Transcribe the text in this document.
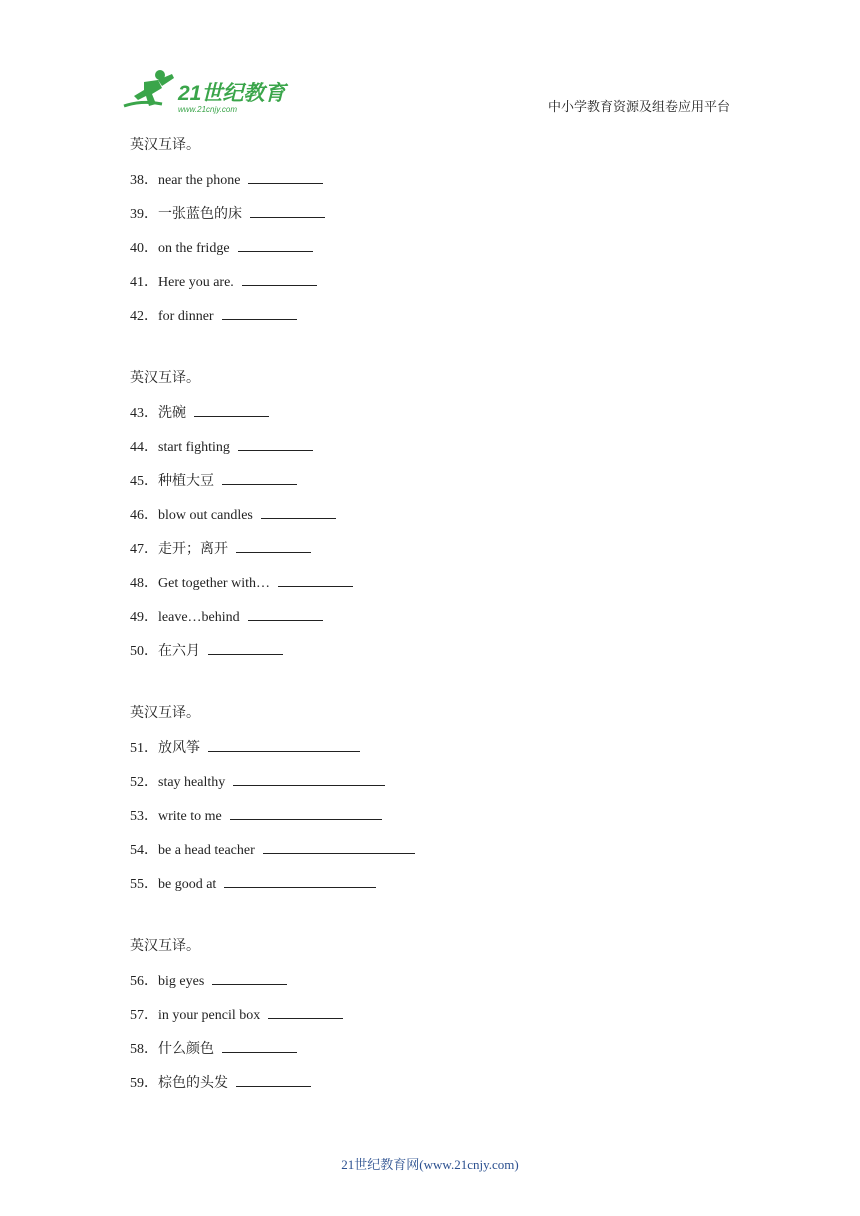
21世纪教育
www.21cnjy.com	中小学教育资源及组卷应用平台
英汉互译。
38．near the phone
39．一张蓝色的床
40．on the fridge
41．Here you are.
42．for dinner
英汉互译。
43．洗碗
44．start fighting
45．种植大豆
46．blow out candles
47．走开；离开
48．Get together with…
49．leave…behind
50．在六月
英汉互译。
51．放风筝
52．stay healthy
53．write to me
54．be a head teacher
55．be good at
英汉互译。
56．big eyes
57．in your pencil box
58．什么颜色
59．棕色的头发
21世纪教育网(www.21cnjy.com)
